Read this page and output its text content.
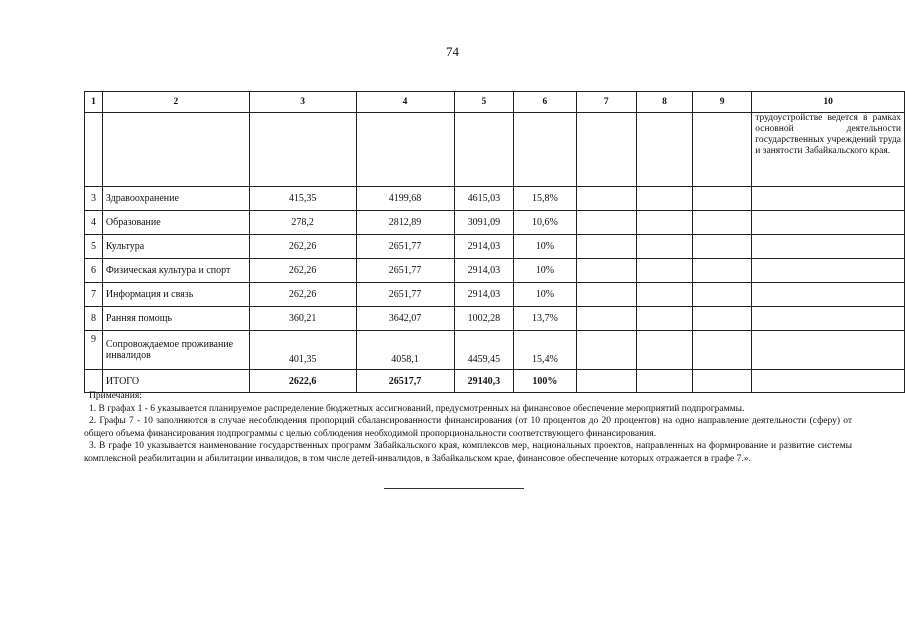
74
1	2	3	4	5	6	7	8	9	10
									трудоустройстве ведется в рамках основной деятельности государственных учреждений труда и занятости Забайкальского края.
3	Здравоохранение	415,35	4199,68	4615,03	15,8%				
4	Образование	278,2	2812,89	3091,09	10,6%				
5	Культура	262,26	2651,77	2914,03	10%				
6	Физическая культура и спорт	262,26	2651,77	2914,03	10%				
7	Информация и связь	262,26	2651,77	2914,03	10%				
8	Ранняя помощь	360,21	3642,07	1002,28	13,7%				
9	Сопровождаемое проживание инвалидов	401,35	4058,1	4459,45	15,4%				
	ИТОГО	2622,6	26517,7	29140,3	100%				

Примечания:

1. В графах 1 - 6 указывается планируемое распределение бюджетных ассигнований, предусмотренных на финансовое обеспечение мероприятий подпрограммы.

2. Графы 7 - 10 заполняются в случае несоблюдения пропорций сбалансированности финансирования (от 10 процентов до 20 процентов) на одно направление деятельности (сферу) от общего объема финансирования подпрограммы с целью соблюдения необходимой пропорциональности соответствующего финансирования.

3. В графе 10 указывается наименование государственных программ Забайкальского края, комплексов мер, национальных проектов, направленных на формирование и развитие системы комплексной реабилитации и абилитации инвалидов, в том числе детей-инвалидов, в Забайкальском крае, финансовое обеспечение которых отражается в графе 7.».
